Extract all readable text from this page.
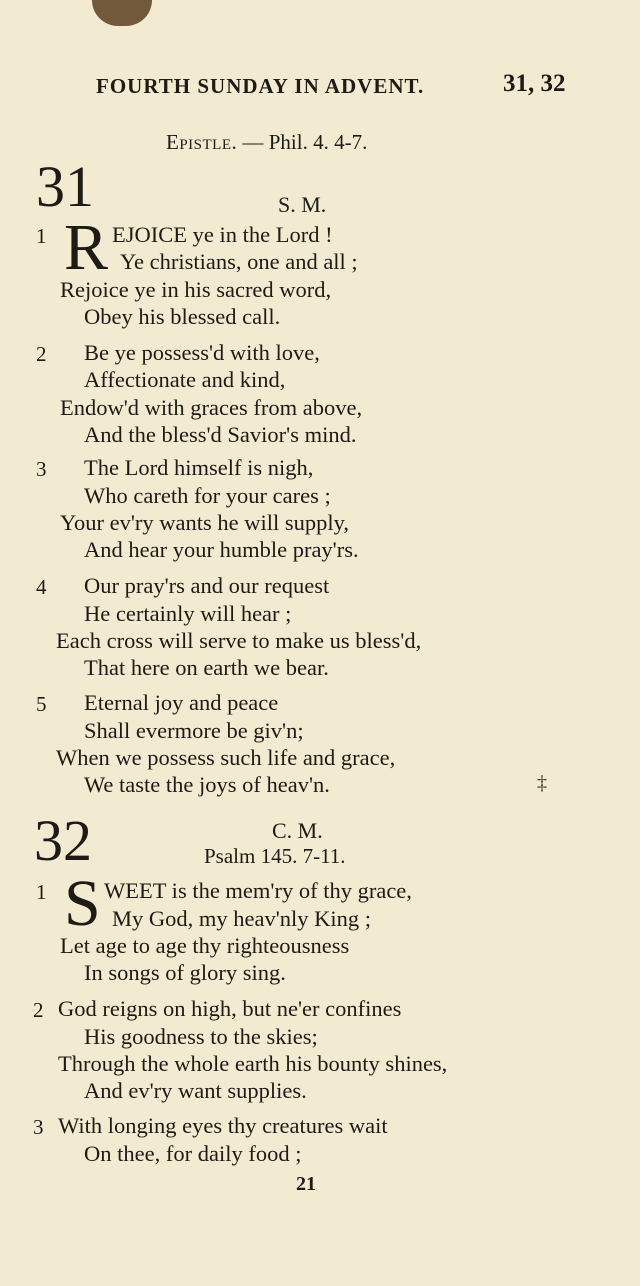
FOURTH SUNDAY IN ADVENT.	31, 32
Epistle. — Phil. 4. 4-7.
31	S. M.
1 R EJOICE ye in the Lord !
Ye christians, one and all ;
Rejoice ye in his sacred word,
Obey his blessed call.
2 Be ye possess'd with love,
Affectionate and kind,
Endow'd with graces from above,
And the bless'd Savior's mind.
3 The Lord himself is nigh,
Who careth for your cares ;
Your ev'ry wants he will supply,
And hear your humble pray'rs.
4 Our pray'rs and our request
He certainly will hear ;
Each cross will serve to make us bless'd,
That here on earth we bear.
5 Eternal joy and peace
Shall evermore be giv'n;
When we possess such life and grace,
We taste the joys of heav'n.	‡
32	C. M.
Psalm 145. 7-11.
1 S WEET is the mem'ry of thy grace,
My God, my heav'nly King ;
Let age to age thy righteousness
In songs of glory sing.
2 God reigns on high, but ne'er confines
His goodness to the skies;
Through the whole earth his bounty shines,
And ev'ry want supplies.
3 With longing eyes thy creatures wait
On thee, for daily food ;
21
